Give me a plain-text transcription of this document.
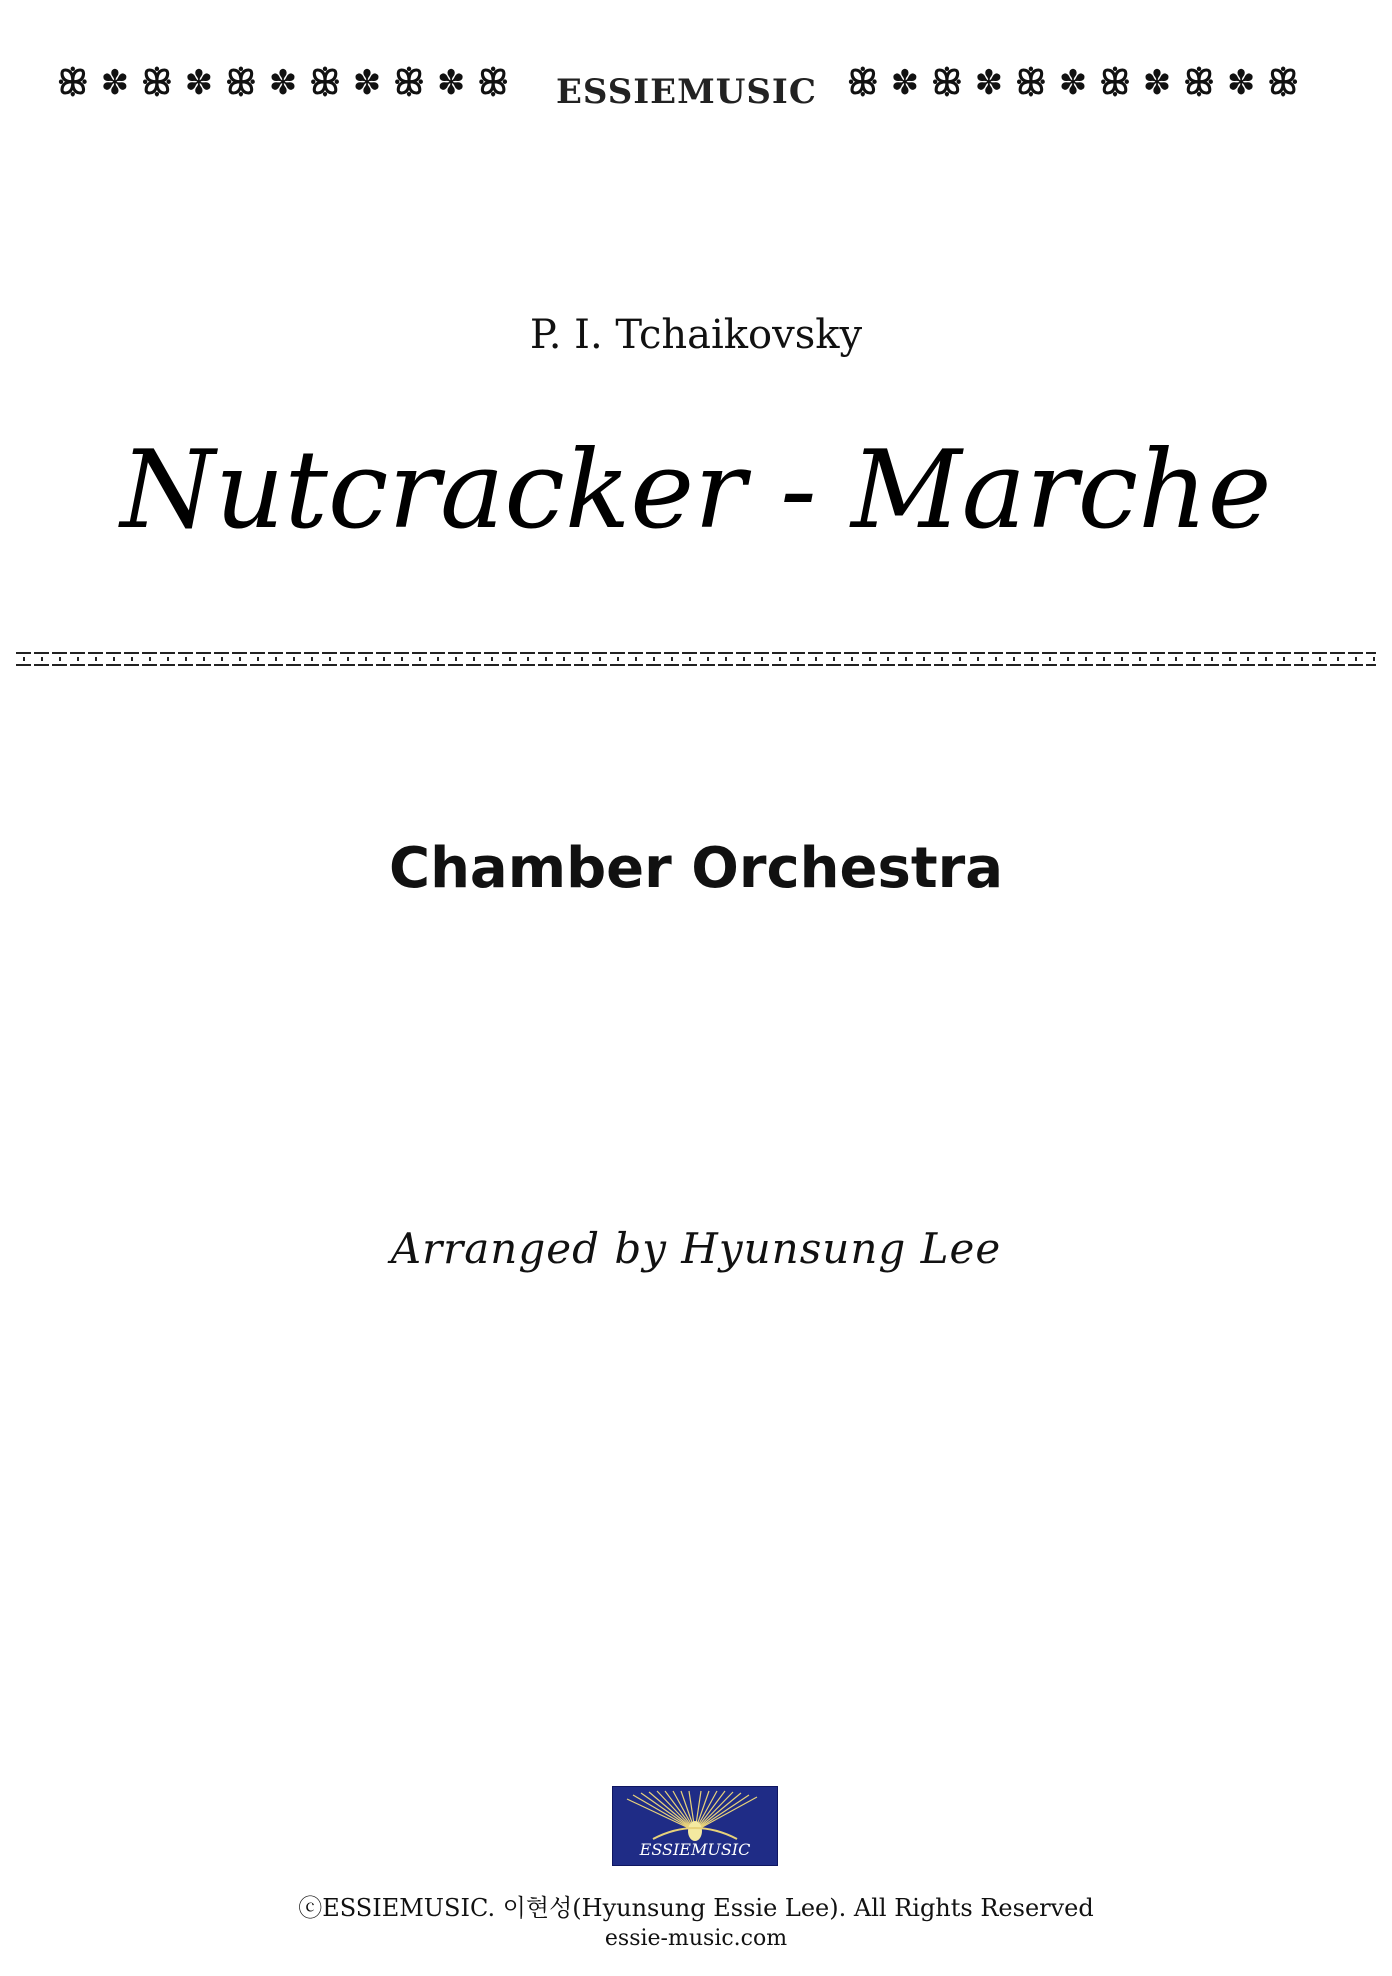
ꕥ ✽ ꕥ ✽ ꕥ ✽ ꕥ ✽ ꕥ ✽ ꕥ ESSIEMUSIC ꕥ ✽ ꕥ ✽ ꕥ ✽ ꕥ ✽ ꕥ ✽ ꕥ
P. I. Tchaikovsky
Nutcracker - Marche
Chamber Orchestra
Arranged by Hyunsung Lee
ESSIEMUSIC
ⓒESSIEMUSIC. 이현성(Hyunsung Essie Lee). All Rights Reserved
essie-music.com
